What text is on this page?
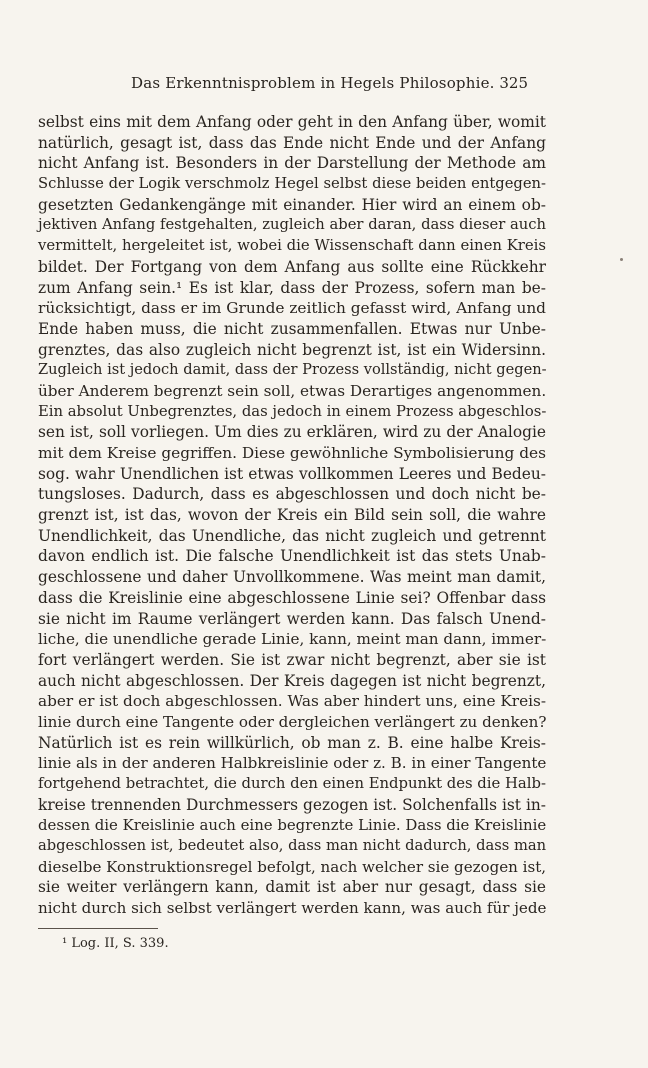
Das Erkenntnisproblem in Hegels Philosophie. 325
selbst eins mit dem Anfang oder geht in den Anfang über, womit
natürlich, gesagt ist, dass das Ende nicht Ende und der Anfang
nicht Anfang ist. Besonders in der Darstellung der Methode am
Schlusse der Logik verschmolz Hegel selbst diese beiden entgegen-
gesetzten Gedankengänge mit einander. Hier wird an einem ob-
jektiven Anfang festgehalten, zugleich aber daran, dass dieser auch
vermittelt, hergeleitet ist, wobei die Wissenschaft dann einen Kreis
bildet. Der Fortgang von dem Anfang aus sollte eine Rückkehr
zum Anfang sein.¹ Es ist klar, dass der Prozess, sofern man be-
rücksichtigt, dass er im Grunde zeitlich gefasst wird, Anfang und
Ende haben muss, die nicht zusammenfallen. Etwas nur Unbe-
grenztes, das also zugleich nicht begrenzt ist, ist ein Widersinn.
Zugleich ist jedoch damit, dass der Prozess vollständig, nicht gegen-
über Anderem begrenzt sein soll, etwas Derartiges angenommen.
Ein absolut Unbegrenztes, das jedoch in einem Prozess abgeschlos-
sen ist, soll vorliegen. Um dies zu erklären, wird zu der Analogie
mit dem Kreise gegriffen. Diese gewöhnliche Symbolisierung des
sog. wahr Unendlichen ist etwas vollkommen Leeres und Bedeu-
tungsloses. Dadurch, dass es abgeschlossen und doch nicht be-
grenzt ist, ist das, wovon der Kreis ein Bild sein soll, die wahre
Unendlichkeit, das Unendliche, das nicht zugleich und getrennt
davon endlich ist. Die falsche Unendlichkeit ist das stets Unab-
geschlossene und daher Unvollkommene. Was meint man damit,
dass die Kreislinie eine abgeschlossene Linie sei? Offenbar dass
sie nicht im Raume verlängert werden kann. Das falsch Unend-
liche, die unendliche gerade Linie, kann, meint man dann, immer-
fort verlängert werden. Sie ist zwar nicht begrenzt, aber sie ist
auch nicht abgeschlossen. Der Kreis dagegen ist nicht begrenzt,
aber er ist doch abgeschlossen. Was aber hindert uns, eine Kreis-
linie durch eine Tangente oder dergleichen verlängert zu denken?
Natürlich ist es rein willkürlich, ob man z. B. eine halbe Kreis-
linie als in der anderen Halbkreislinie oder z. B. in einer Tangente
fortgehend betrachtet, die durch den einen Endpunkt des die Halb-
kreise trennenden Durchmessers gezogen ist. Solchenfalls ist in-
dessen die Kreislinie auch eine begrenzte Linie. Dass die Kreislinie
abgeschlossen ist, bedeutet also, dass man nicht dadurch, dass man
dieselbe Konstruktionsregel befolgt, nach welcher sie gezogen ist,
sie weiter verlängern kann, damit ist aber nur gesagt, dass sie
nicht durch sich selbst verlängert werden kann, was auch für jede
¹ Log. II, S. 339.
